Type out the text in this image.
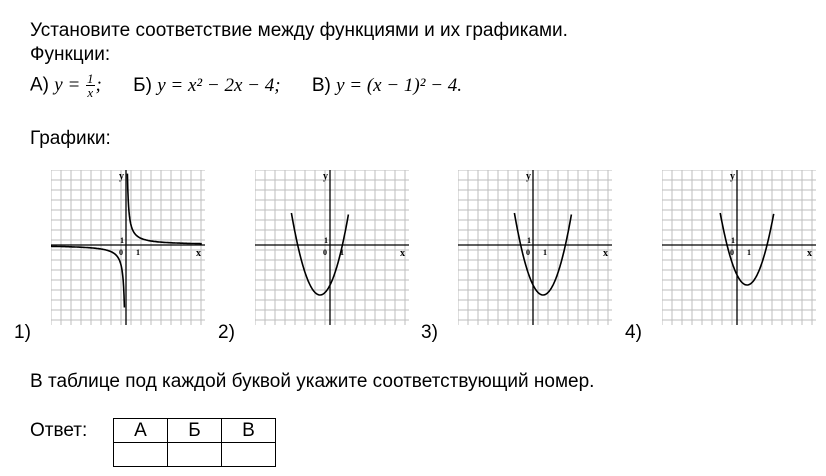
Установите соответствие между функциями и их графиками.
Функции:
А) $y = \frac{1}{x}$ ; Б) y = x² − 2x − 4; В) y = (x − 1)² − 4.
Графики:
y
x
0 1
1
y
x
0 1
1
y
x
0 1
1
y
x
0 1
1
1)	2)	3)	4)
В таблице под каждой буквой укажите соответствующий номер.
Ответ: А	Б	В
